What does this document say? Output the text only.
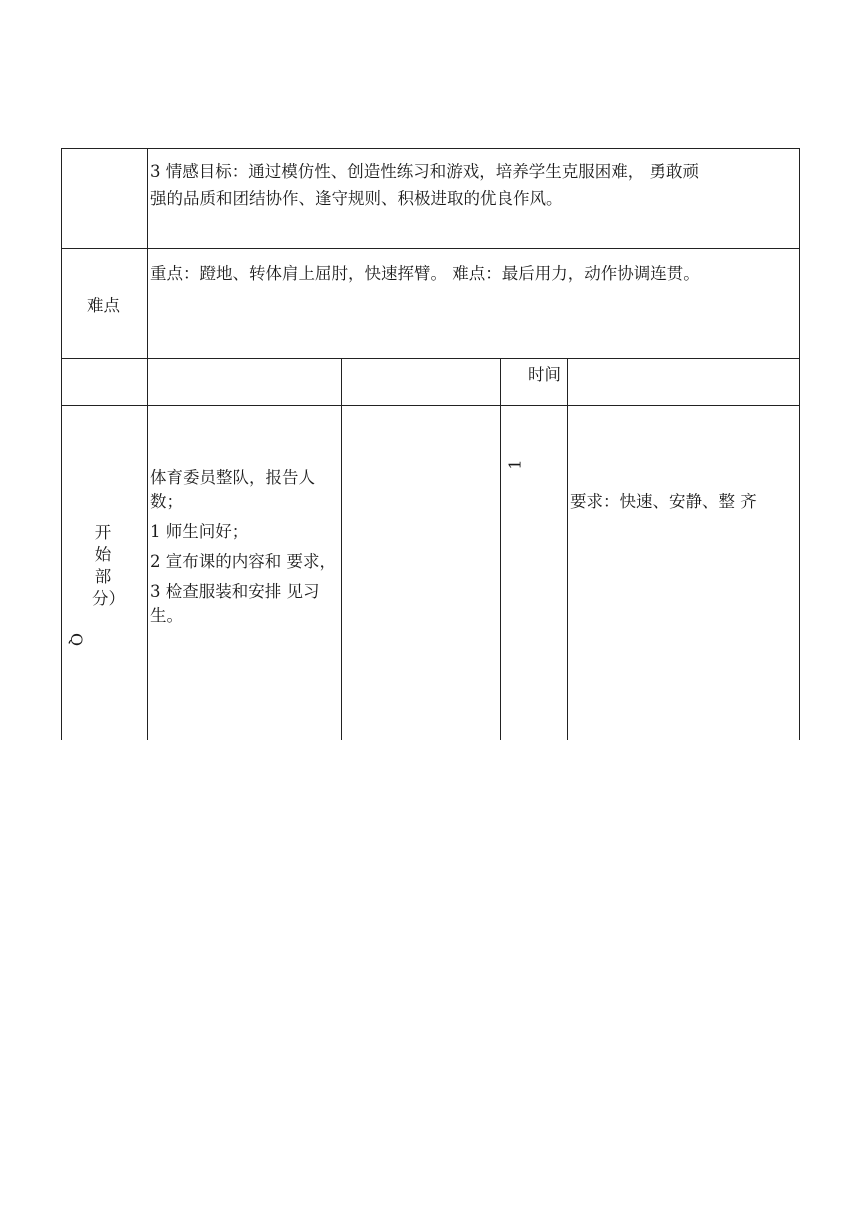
3 情感目标：通过模仿性、创造性练习和游戏，培养学生克服困难， 勇敢顽
强的品质和团结协作、逢守规则、积极进取的优良作风。
难点
重点：蹬地、转体肩上屈肘，快速挥臂。 难点：最后用力，动作协调连贯。
时间
开始部分）
Q

体育委员整队，报告人数；

1 师生问好；

2 宣布课的内容和 要求，

3 检查服装和安排 见习生。

1
要求：快速、安静、整 齐
